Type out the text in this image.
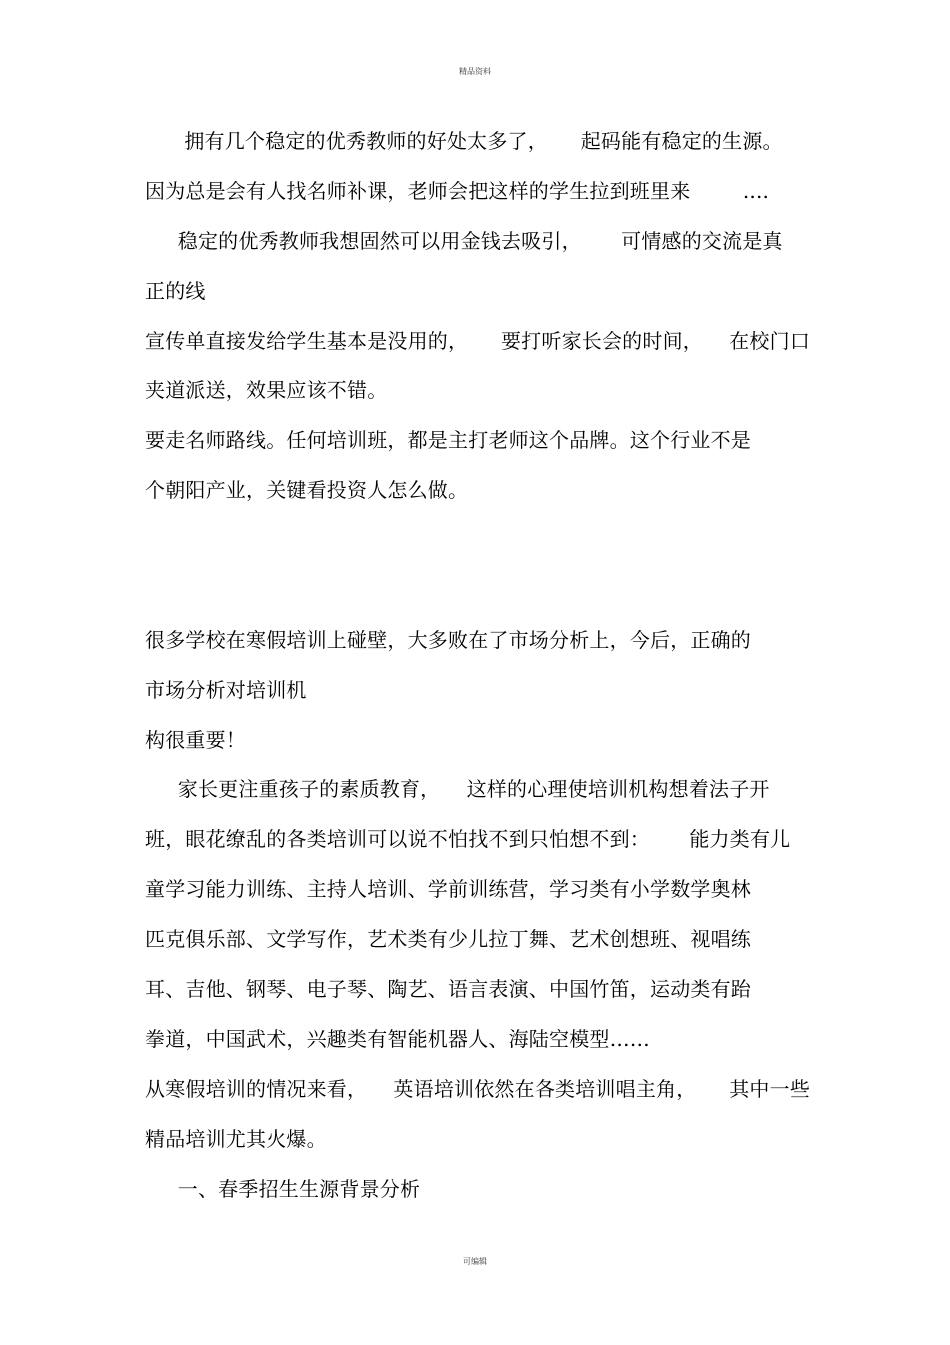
精品资料
拥有几个稳定的优秀教师的好处太多了，     起码能有稳定的生源。
因为总是会有人找名师补课，老师会把这样的学生拉到班里来        ....
稳定的优秀教师我想固然可以用金钱去吸引，      可情感的交流是真
正的线
宣传单直接发给学生基本是没用的，     要打听家长会的时间，    在校门口
夹道派送，效果应该不错。
要走名师路线。任何培训班，都是主打老师这个品牌。这个行业不是
个朝阳产业，关键看投资人怎么做。
很多学校在寒假培训上碰壁，大多败在了市场分析上，今后，正确的
市场分析对培训机
构很重要！
家长更注重孩子的素质教育，    这样的心理使培训机构想着法子开
班，眼花缭乱的各类培训可以说不怕找不到只怕想不到：      能力类有儿
童学习能力训练、主持人培训、学前训练营，学习类有小学数学奥林
匹克俱乐部、文学写作，艺术类有少儿拉丁舞、艺术创想班、视唱练
耳、吉他、钢琴、电子琴、陶艺、语言表演、中国竹笛，运动类有跆
拳道，中国武术，兴趣类有智能机器人、海陆空模型……
从寒假培训的情况来看，    英语培训依然在各类培训唱主角，     其中一些
精品培训尤其火爆。
一、春季招生生源背景分析
可编辑
